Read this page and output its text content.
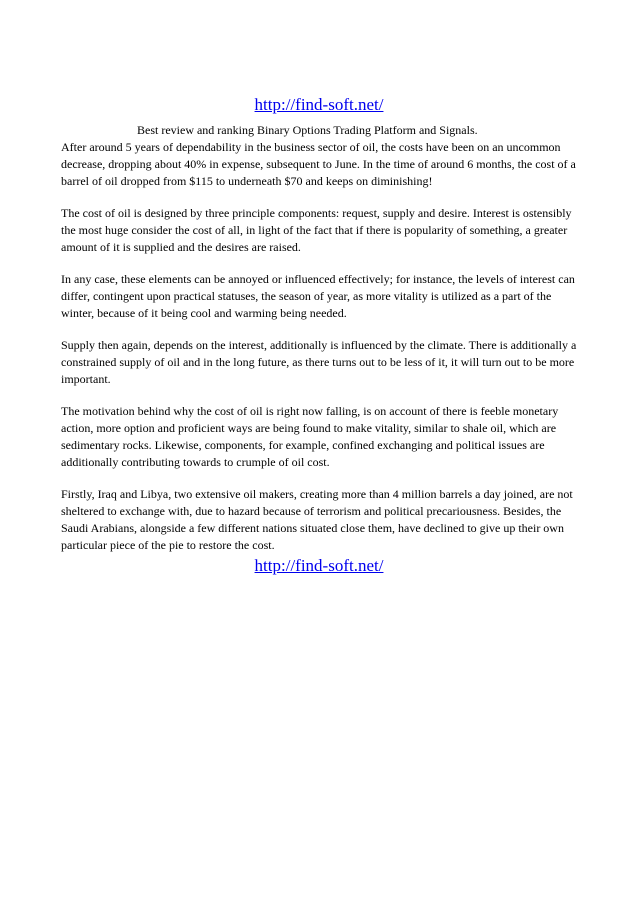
http://find-soft.net/

Best review and ranking Binary Options Trading Platform and Signals.

After around 5 years of dependability in the business sector of oil, the costs have been on an uncommon decrease, dropping about 40% in expense, subsequent to June. In the time of around 6 months, the cost of a barrel of oil dropped from $115 to underneath $70 and keeps on diminishing!

The cost of oil is designed by three principle components: request, supply and desire. Interest is ostensibly the most huge consider the cost of all, in light of the fact that if there is popularity of something, a greater amount of it is supplied and the desires are raised.

In any case, these elements can be annoyed or influenced effectively; for instance, the levels of interest can differ, contingent upon practical statuses, the season of year, as more vitality is utilized as a part of the winter, because of it being cool and warming being needed.

Supply then again, depends on the interest, additionally is influenced by the climate. There is additionally a constrained supply of oil and in the long future, as there turns out to be less of it, it will turn out to be more important.

The motivation behind why the cost of oil is right now falling, is on account of there is feeble monetary action, more option and proficient ways are being found to make vitality, similar to shale oil, which are sedimentary rocks. Likewise, components, for example, confined exchanging and political issues are additionally contributing towards to crumple of oil cost.

Firstly, Iraq and Libya, two extensive oil makers, creating more than 4 million barrels a day joined, are not sheltered to exchange with, due to hazard because of terrorism and political precariousness. Besides, the Saudi Arabians, alongside a few different nations situated close them, have declined to give up their own particular piece of the pie to restore the cost.

http://find-soft.net/
